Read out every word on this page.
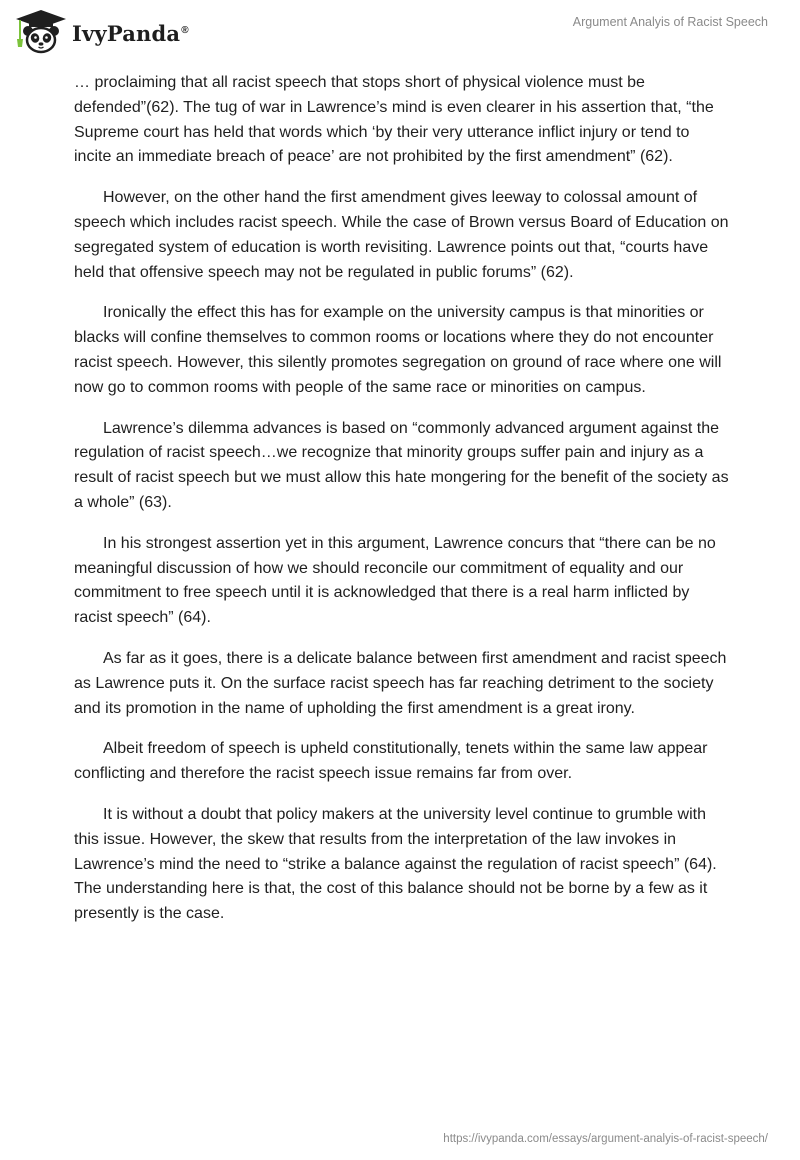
IvyPanda®
Argument Analyis of Racist Speech

… proclaiming that all racist speech that stops short of physical violence must be defended”(62). The tug of war in Lawrence’s mind is even clearer in his assertion that, “the Supreme court has held that words which ‘by their very utterance inflict injury or tend to incite an immediate breach of peace’ are not prohibited by the first amendment” (62).

However, on the other hand the first amendment gives leeway to colossal amount of speech which includes racist speech. While the case of Brown versus Board of Education on segregated system of education is worth revisiting. Lawrence points out that, “courts have held that offensive speech may not be regulated in public forums” (62).

Ironically the effect this has for example on the university campus is that minorities or blacks will confine themselves to common rooms or locations where they do not encounter racist speech. However, this silently promotes segregation on ground of race where one will now go to common rooms with people of the same race or minorities on campus.

Lawrence’s dilemma advances is based on “commonly advanced argument against the regulation of racist speech…we recognize that minority groups suffer pain and injury as a result of racist speech but we must allow this hate mongering for the benefit of the society as a whole” (63).

In his strongest assertion yet in this argument, Lawrence concurs that “there can be no meaningful discussion of how we should reconcile our commitment of equality and our commitment to free speech until it is acknowledged that there is a real harm inflicted by racist speech” (64).

As far as it goes, there is a delicate balance between first amendment and racist speech as Lawrence puts it. On the surface racist speech has far reaching detriment to the society and its promotion in the name of upholding the first amendment is a great irony.

Albeit freedom of speech is upheld constitutionally, tenets within the same law appear conflicting and therefore the racist speech issue remains far from over.

It is without a doubt that policy makers at the university level continue to grumble with this issue. However, the skew that results from the interpretation of the law invokes in Lawrence’s mind the need to “strike a balance against the regulation of racist speech” (64). The understanding here is that, the cost of this balance should not be borne by a few as it presently is the case.

https://ivypanda.com/essays/argument-analyis-of-racist-speech/
